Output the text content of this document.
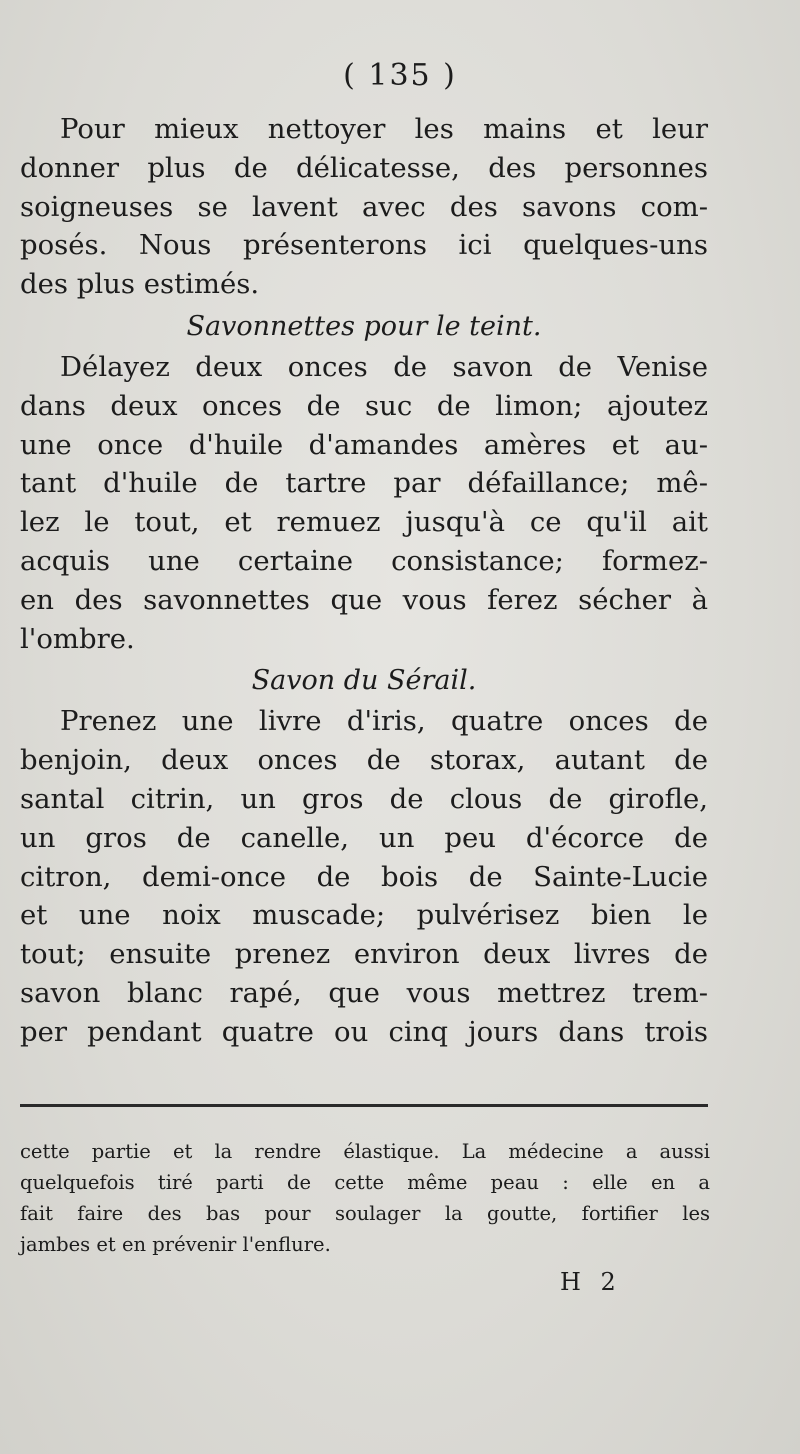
( 135 )

Pour mieux nettoyer les mains et leur
donner plus de délicatesse, des personnes
soigneuses se lavent avec des savons com-
posés. Nous présenterons ici quelques-uns
des plus estimés.

Savonnettes pour le teint.

Délayez deux onces de savon de Venise
dans deux onces de suc de limon; ajoutez
une once d'huile d'amandes amères et au-
tant d'huile de tartre par défaillance; mê-
lez le tout, et remuez jusqu'à ce qu'il ait
acquis une certaine consistance; formez-
en des savonnettes que vous ferez sécher à
l'ombre.

Savon du Sérail.

Prenez une livre d'iris, quatre onces de
benjoin, deux onces de storax, autant de
santal citrin, un gros de clous de girofle,
un gros de canelle, un peu d'écorce de
citron, demi-once de bois de Sainte-Lucie
et une noix muscade; pulvérisez bien le
tout; ensuite prenez environ deux livres de
savon blanc rapé, que vous mettrez trem-
per pendant quatre ou cinq jours dans trois

cette partie et la rendre élastique. La médecine a aussi
quelquefois tiré parti de cette même peau : elle en a
fait faire des bas pour soulager la goutte, fortifier les
jambes et en prévenir l'enflure.
H 2
